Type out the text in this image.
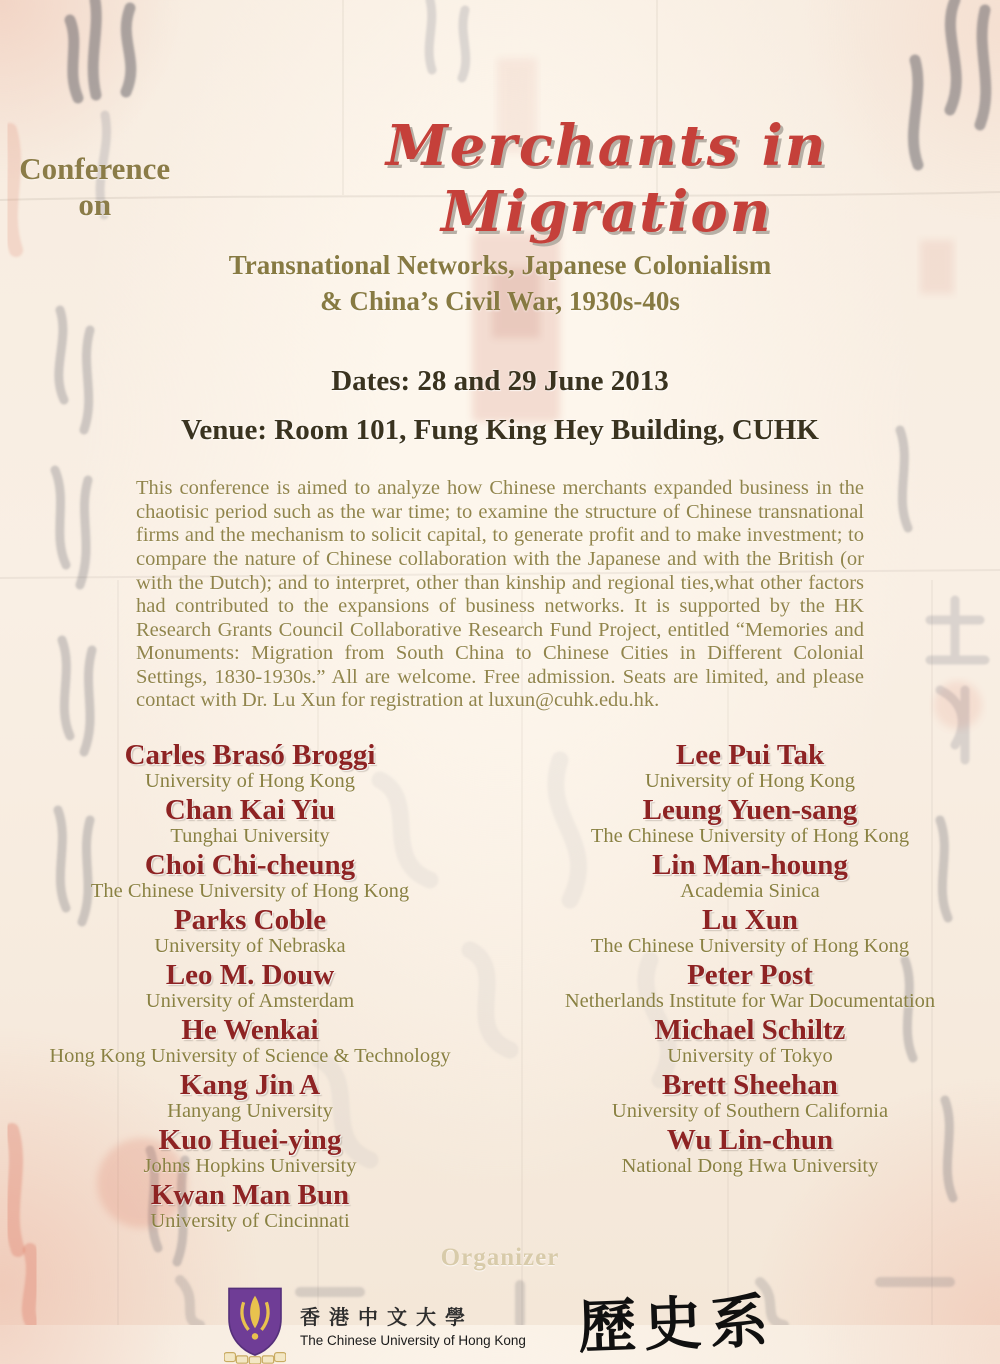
Conference on
Merchants in Migration
Transnational Networks, Japanese Colonialism
& China’s Civil War, 1930s-40s
Dates: 28 and 29 June 2013
Venue: Room 101, Fung King Hey Building, CUHK

This conference is aimed to analyze how Chinese merchants expanded business in the chaotisic period such as the war time; to examine the structure of Chinese transnational firms and the mechanism to solicit capital, to generate profit and to make investment; to compare the nature of Chinese collaboration with the Japanese and with the British (or with the Dutch); and to interpret, other than kinship and regional ties,what other factors had contributed to the expansions of business networks. It is supported by the HK Research Grants Council Collaborative Research Fund Project, entitled “Memories and Monuments: Migration from South China to Chinese Cities in Different Colonial Settings, 1830-1930s.” All are welcome. Free admission. Seats are limited, and please contact with Dr. Lu Xun for registration at luxun@cuhk.edu.hk.

Carles Brasó Broggi
University of Hong Kong
Chan Kai Yiu
Tunghai University
Choi Chi-cheung
The Chinese University of Hong Kong
Parks Coble
University of Nebraska
Leo M. Douw
University of Amsterdam
He Wenkai
Hong Kong University of Science & Technology
Kang Jin A
Hanyang University
Kuo Huei-ying
Johns Hopkins University
Kwan Man Bun
University of Cincinnati
Lee Pui Tak
University of Hong Kong
Leung Yuen-sang
The Chinese University of Hong Kong
Lin Man-houng
Academia Sinica
Lu Xun
The Chinese University of Hong Kong
Peter Post
Netherlands Institute for War Documentation
Michael Schiltz
University of Tokyo
Brett Sheehan
University of Southern California
Wu Lin-chun
National Dong Hwa University
Organizer
香港中文大學
The Chinese University of Hong Kong 歷史系
